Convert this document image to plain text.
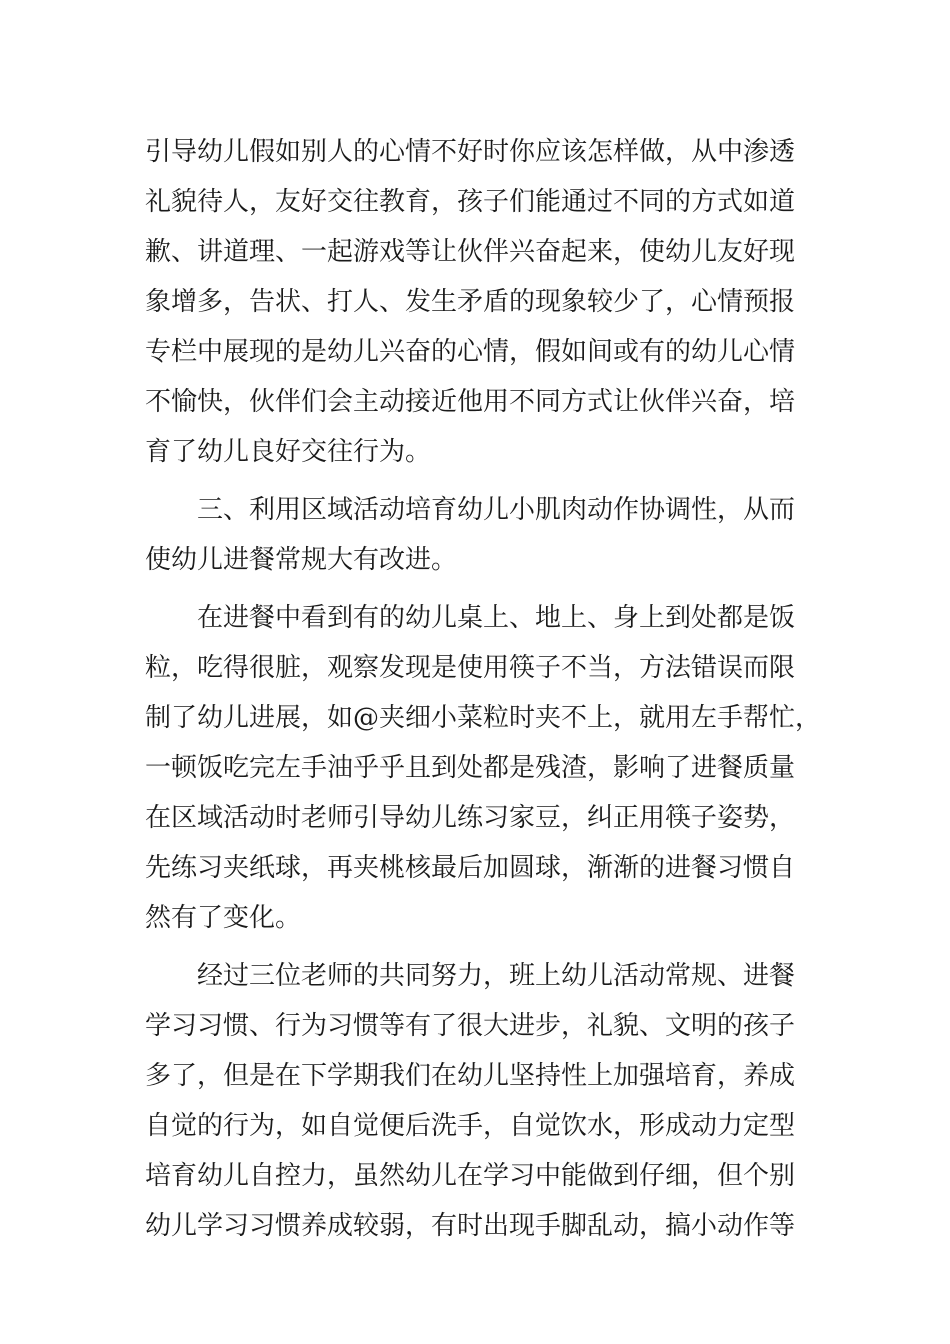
引导幼儿假如别人的心情不好时你应该怎样做，从中渗透
礼貌待人，友好交往教育，孩子们能通过不同的方式如道
歉、讲道理、一起游戏等让伙伴兴奋起来，使幼儿友好现
象增多，告状、打人、发生矛盾的现象较少了，心情预报
专栏中展现的是幼儿兴奋的心情，假如间或有的幼儿心情
不愉快，伙伴们会主动接近他用不同方式让伙伴兴奋，培
育了幼儿良好交往行为。
　　三、利用区域活动培育幼儿小肌肉动作协调性，从而
使幼儿进餐常规大有改进。
　　在进餐中看到有的幼儿桌上、地上、身上到处都是饭
粒，吃得很脏，观察发现是使用筷子不当，方法错误而限
制了幼儿进展，如@夹细小菜粒时夹不上，就用左手帮忙，
一顿饭吃完左手油乎乎且到处都是残渣，影响了进餐质量
在区域活动时老师引导幼儿练习家豆，纠正用筷子姿势，
先练习夹纸球，再夹桃核最后加圆球，渐渐的进餐习惯自
然有了变化。
　　经过三位老师的共同努力，班上幼儿活动常规、进餐
学习习惯、行为习惯等有了很大进步，礼貌、文明的孩子
多了，但是在下学期我们在幼儿坚持性上加强培育，养成
自觉的行为，如自觉便后洗手，自觉饮水，形成动力定型
培育幼儿自控力，虽然幼儿在学习中能做到仔细，但个别
幼儿学习习惯养成较弱，有时出现手脚乱动，搞小动作等
